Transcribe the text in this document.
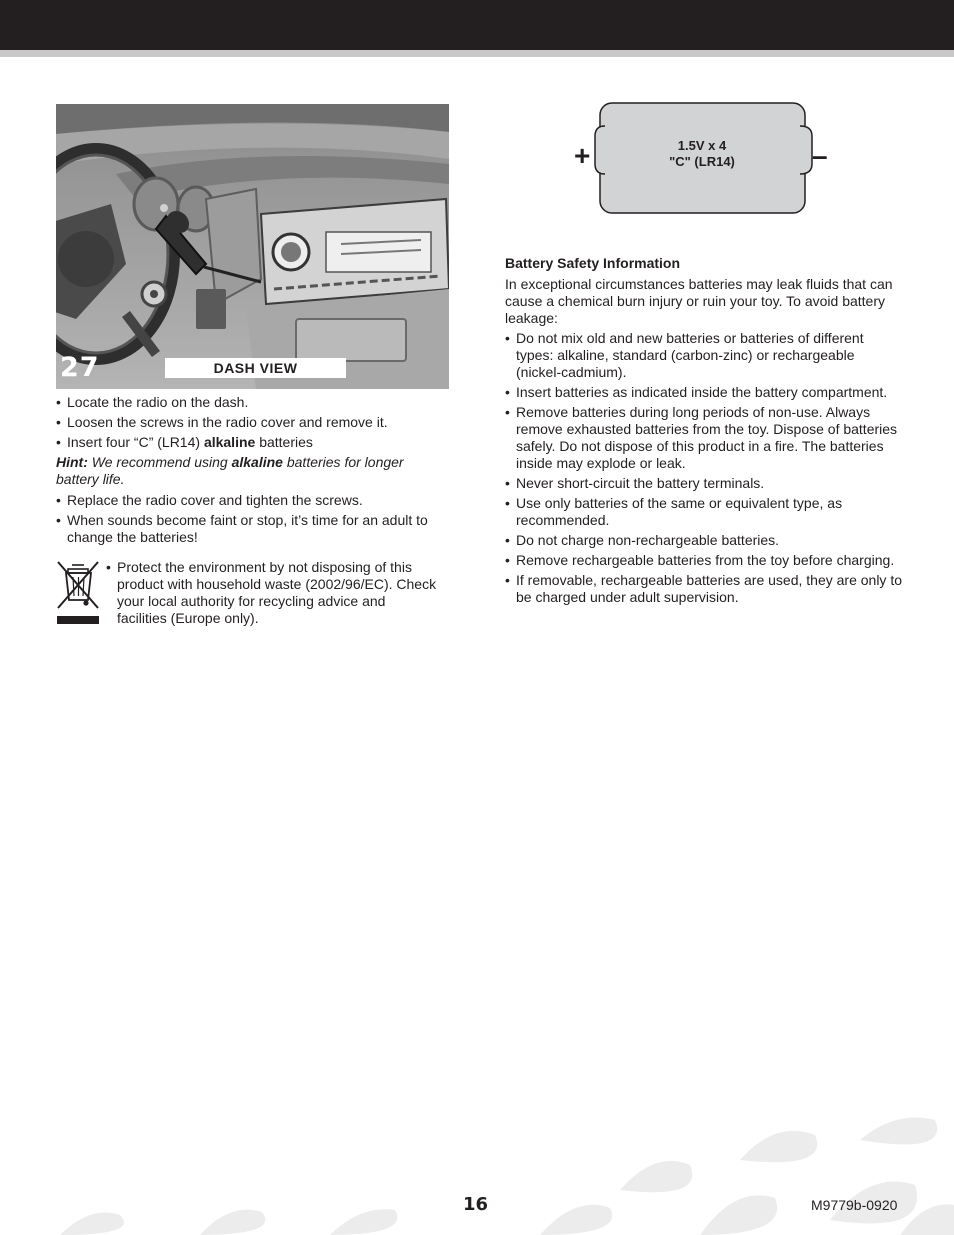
27	DASH VIEW
• Locate the radio on the dash.
• Loosen the screws in the radio cover and remove it.
• Insert four “C” (LR14) alkaline batteries
Hint: We recommend using alkaline batteries for longer battery life.
• Replace the radio cover and tighten the screws.
• When sounds become faint or stop, it’s time for an adult to change the batteries!
• Protect the environment by not disposing of this product with household waste (2002/96/EC). Check your local authority for recycling advice and facilities (Europe only).
+	–
1.5V x 4
"C" (LR14)
Battery Safety Information
In exceptional circumstances batteries may leak fluids that can cause a chemical burn injury or ruin your toy. To avoid battery leakage:
• Do not mix old and new batteries or batteries of different types: alkaline, standard (carbon-zinc) or rechargeable (nickel-cadmium).
• Insert batteries as indicated inside the battery compartment.
• Remove batteries during long periods of non-use. Always remove exhausted batteries from the toy. Dispose of batteries safely. Do not dispose of this product in a fire. The batteries inside may explode or leak.
• Never short-circuit the battery terminals.
• Use only batteries of the same or equivalent type, as recommended.
• Do not charge non-rechargeable batteries.
• Remove rechargeable batteries from the toy before charging.
• If removable, rechargeable batteries are used, they are only to be charged under adult supervision.
16	M9779b-0920
